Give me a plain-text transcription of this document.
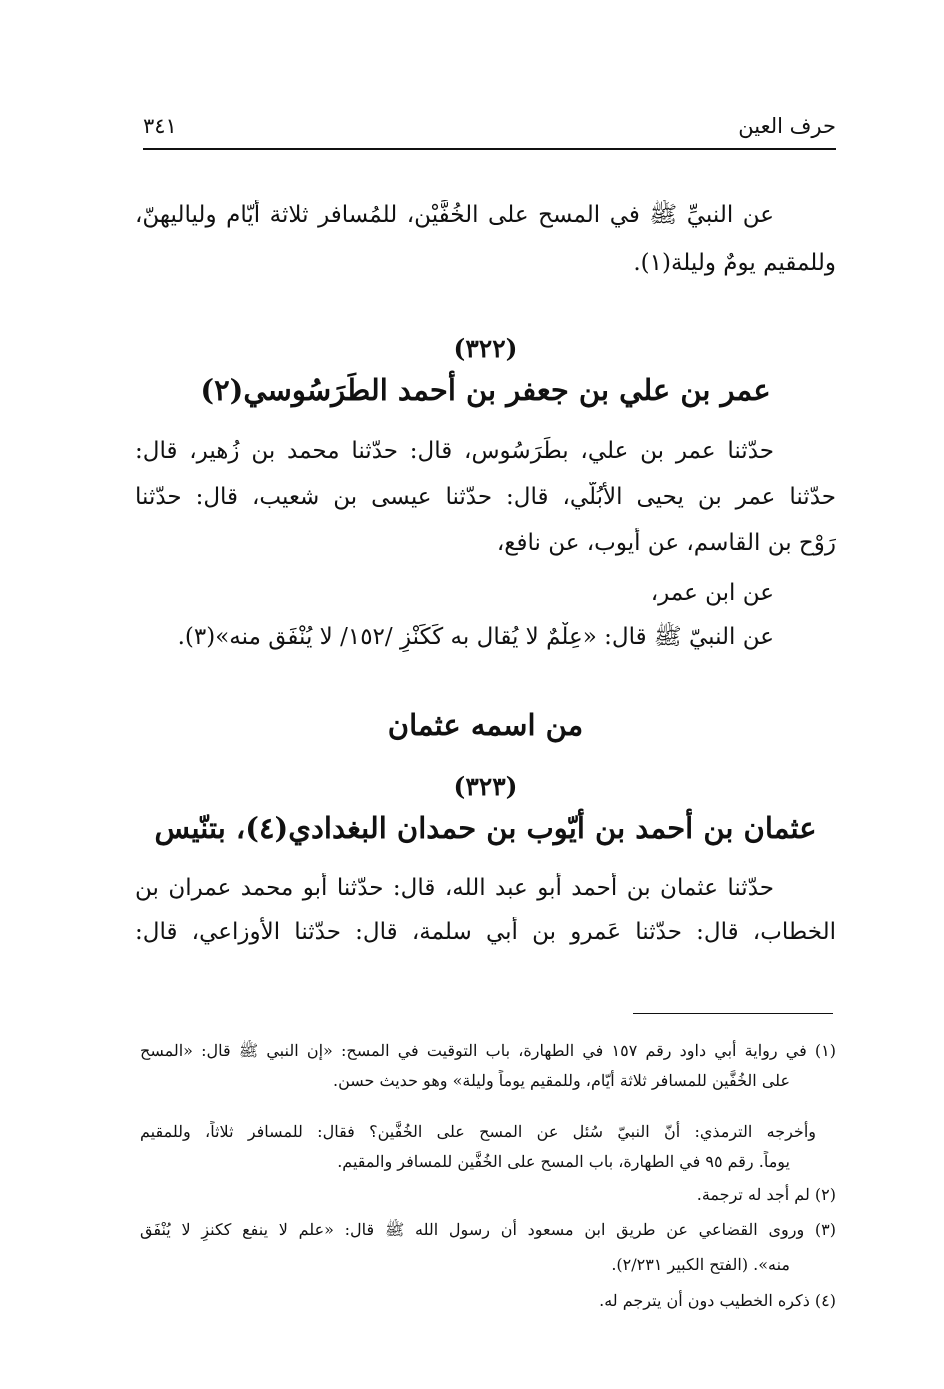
حرف العين
٣٤١
عن النبيِّ ﷺ في المسح على الخُفَّيْن، للمُسافر ثلاثة أيّام ولياليهنّ،
وللمقيم يومٌ وليلة(١).
(٣٢٢)
عمر بن علي بن جعفر بن أحمد الطَرَسُوسي(٢)
حدّثنا عمر بن علي، بطَرَسُوس، قال: حدّثنا محمد بن زُهير، قال:
حدّثنا عمر بن يحيى الأُبُلّي، قال: حدّثنا عيسى بن شعيب، قال: حدّثنا
رَوْح بن القاسم، عن أيوب، عن نافع،
عن ابن عمر،
عن النبيّ ﷺ قال: «عِلْمٌ لا يُقال به كَكَنْزٍ /١٥٢/ لا يُنْفَق منه»(٣).
من اسمه عثمان
(٣٢٣)
عثمان بن أحمد بن أيّوب بن حمدان البغدادي(٤)، بتنّيس
حدّثنا عثمان بن أحمد أبو عبد الله، قال: حدّثنا أبو محمد عمران بن
الخطاب، قال: حدّثنا عَمرو بن أبي سلمة، قال: حدّثنا الأوزاعي، قال:
(١) في رواية أبي داود رقم ١٥٧ في الطهارة، باب التوقيت في المسح: «إن النبي ﷺ قال: «المسح
على الخُفَّين للمسافر ثلاثة أيّام، وللمقيم يوماً وليلة» وهو حديث حسن.
وأخرجه الترمذي: أنّ النبيّ سُئل عن المسح على الخُفَّين؟ فقال: للمسافر ثلاثاً، وللمقيم
يوماً. رقم ٩٥ في الطهارة، باب المسح على الخُفَّين للمسافر والمقيم.
(٢) لم أجد له ترجمة.
(٣) وروى القضاعي عن طريق ابن مسعود أن رسول الله ﷺ قال: «علم لا ينفع ككنزٍ لا يُنْفَق
منه». (الفتح الكبير ٢/٢٣١).
(٤) ذكره الخطيب دون أن يترجم له.
